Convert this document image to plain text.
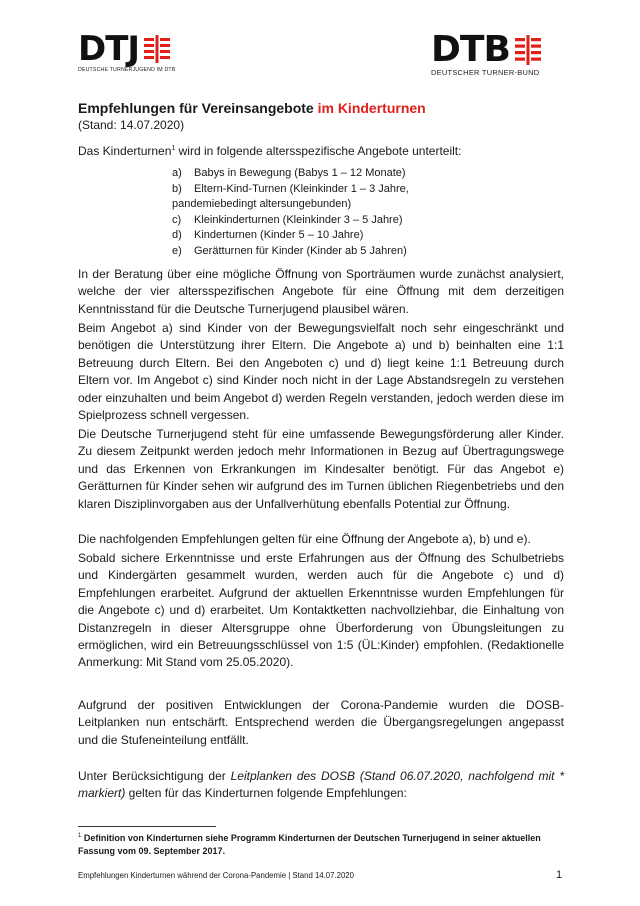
DTJ
DEUTSCHE TURNERJUGEND IM DTB	DTB
DEUTSCHER TURNER-BUND
Empfehlungen für Vereinsangebote im Kinderturnen
(Stand: 14.07.2020)
Das Kinderturnen$^1$ wird in folgende altersspezifische Angebote unterteilt:
a)	Babys in Bewegung (Babys 1 – 12 Monate)
b)	Eltern-Kind-Turnen (Kleinkinder 1 – 3 Jahre,
pandemiebedingt altersungebunden)
c)	Kleinkinderturnen (Kleinkinder 3 – 5 Jahre)
d)	Kinderturnen (Kinder 5 – 10 Jahre)
e)	Gerätturnen für Kinder (Kinder ab 5 Jahren)
In der Beratung über eine mögliche Öffnung von Sporträumen wurde zunächst analysiert, welche der vier altersspezifischen Angebote für eine Öffnung mit dem derzeitigen Kenntnisstand für die Deutsche Turnerjugend plausibel wären.
Beim Angebot a) sind Kinder von der Bewegungsvielfalt noch sehr eingeschränkt und benötigen die Unterstützung ihrer Eltern. Die Angebote a) und b) beinhalten eine 1:1 Betreuung durch Eltern. Bei den Angeboten c) und d) liegt keine 1:1 Betreuung durch Eltern vor. Im Angebot c) sind Kinder noch nicht in der Lage Abstandsregeln zu verstehen oder einzuhalten und beim Angebot d) werden Regeln verstanden, jedoch werden diese im Spielprozess schnell vergessen.
Die Deutsche Turnerjugend steht für eine umfassende Bewegungsförderung aller Kinder. Zu diesem Zeitpunkt werden jedoch mehr Informationen in Bezug auf Übertragungswege und das Erkennen von Erkrankungen im Kindesalter benötigt. Für das Angebot e) Gerätturnen für Kinder sehen wir aufgrund des im Turnen üblichen Riegenbetriebs und den klaren Disziplinvorgaben aus der Unfallverhütung ebenfalls Potential zur Öffnung.
Die nachfolgenden Empfehlungen gelten für eine Öffnung der Angebote a), b) und e).
Sobald sichere Erkenntnisse und erste Erfahrungen aus der Öffnung des Schulbetriebs und Kindergärten gesammelt wurden, werden auch für die Angebote c) und d) Empfehlungen erarbeitet. Aufgrund der aktuellen Erkenntnisse wurden Empfehlungen für die Angebote c) und d) erarbeitet. Um Kontaktketten nachvollziehbar, die Einhaltung von Distanzregeln in dieser Altersgruppe ohne Überforderung von Übungsleitungen zu ermöglichen, wird ein Betreuungsschlüssel von 1:5 (ÜL:Kinder) empfohlen. (Redaktionelle Anmerkung: Mit Stand vom 25.05.2020).
Aufgrund der positiven Entwicklungen der Corona-Pandemie wurden die DOSB-Leitplanken nun entschärft. Entsprechend werden die Übergangsregelungen angepasst und die Stufeneinteilung entfällt.
Unter Berücksichtigung der Leitplanken des DOSB (Stand 06.07.2020, nachfolgend mit * markiert) gelten für das Kinderturnen folgende Empfehlungen:
$^1$ Definition von Kinderturnen siehe Programm Kinderturnen der Deutschen Turnerjugend in seiner aktuellen Fassung vom 09. September 2017.
Empfehlungen Kinderturnen während der Corona-Pandemie | Stand 14.07.2020	1
